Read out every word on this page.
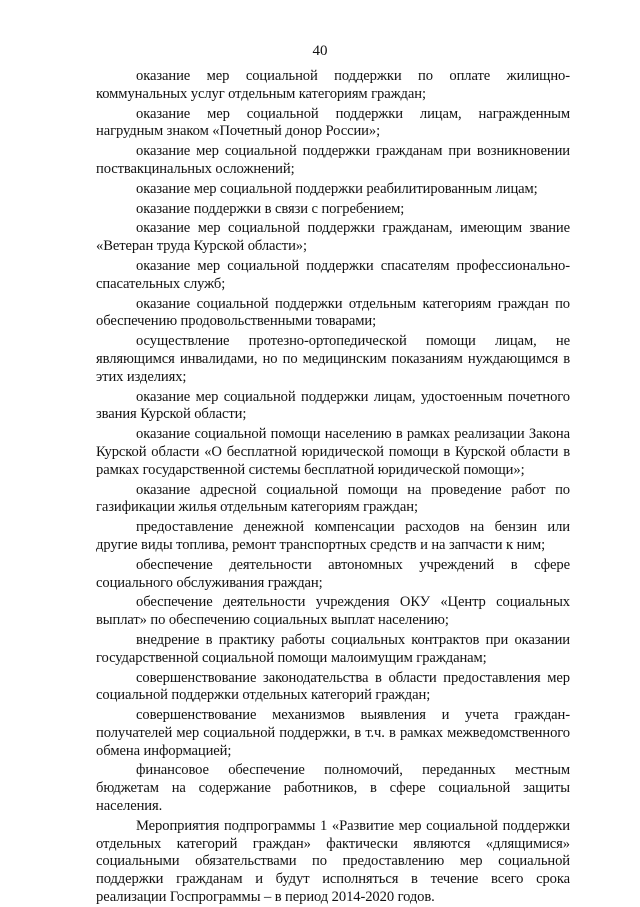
40

оказание мер социальной поддержки по оплате жилищно-коммунальных услуг отдельным категориям граждан;

оказание мер социальной поддержки лицам, награжденным нагрудным знаком «Почетный донор России»;

оказание мер социальной поддержки гражданам при возникновении поствакцинальных осложнений;

оказание мер социальной поддержки реабилитированным лицам;

оказание поддержки в связи с погребением;

оказание мер социальной поддержки гражданам, имеющим звание «Ветеран труда Курской области»;

оказание мер социальной поддержки спасателям профессионально-спасательных служб;

оказание социальной поддержки отдельным категориям граждан по обеспечению продовольственными товарами;

осуществление протезно-ортопедической помощи лицам, не являющимся инвалидами, но по медицинским показаниям нуждающимся в этих изделиях;

оказание мер социальной поддержки лицам, удостоенным почетного звания Курской области;

оказание социальной помощи населению в рамках реализации Закона Курской области «О бесплатной юридической помощи в Курской области в рамках государственной системы бесплатной юридической помощи»;

оказание адресной социальной помощи на проведение работ по газификации жилья отдельным категориям граждан;

предоставление денежной компенсации расходов на бензин или другие виды топлива, ремонт транспортных средств и на запчасти к ним;

обеспечение деятельности автономных учреждений в сфере социального обслуживания граждан;

обеспечение деятельности учреждения ОКУ «Центр социальных выплат» по обеспечению социальных выплат населению;

внедрение в практику работы социальных контрактов при оказании государственной социальной помощи малоимущим гражданам;

совершенствование законодательства в области предоставления мер социальной поддержки отдельных категорий граждан;

совершенствование механизмов выявления и учета граждан-получателей мер социальной поддержки, в т.ч. в рамках межведомственного обмена информацией;

финансовое обеспечение полномочий, переданных местным бюджетам на содержание работников, в сфере социальной защиты населения.

Мероприятия подпрограммы 1 «Развитие мер социальной поддержки отдельных категорий граждан» фактически являются «длящимися» социальными обязательствами по предоставлению мер социальной поддержки гражданам и будут исполняться в течение всего срока реализации Госпрограммы – в период 2014-2020 годов.
